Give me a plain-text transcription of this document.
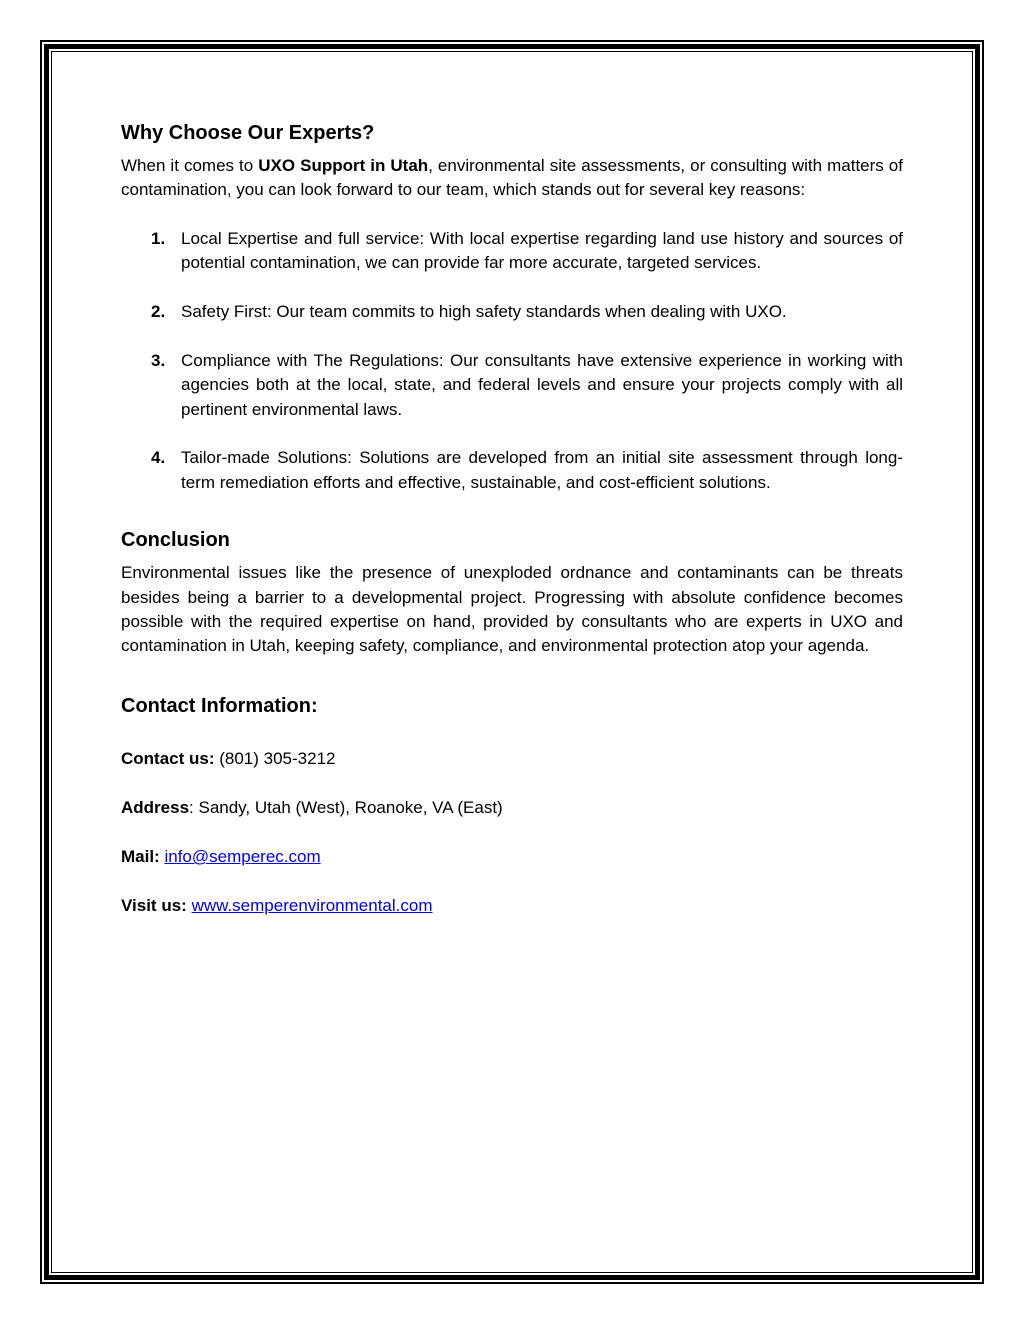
Why Choose Our Experts?

When it comes to UXO Support in Utah, environmental site assessments, or consulting with matters of contamination, you can look forward to our team, which stands out for several key reasons:

1. Local Expertise and full service: With local expertise regarding land use history and sources of potential contamination, we can provide far more accurate, targeted services.
2. Safety First: Our team commits to high safety standards when dealing with UXO.
3. Compliance with The Regulations: Our consultants have extensive experience in working with agencies both at the local, state, and federal levels and ensure your projects comply with all pertinent environmental laws.
4. Tailor-made Solutions: Solutions are developed from an initial site assessment through long-term remediation efforts and effective, sustainable, and cost-efficient solutions.
Conclusion

Environmental issues like the presence of unexploded ordnance and contaminants can be threats besides being a barrier to a developmental project. Progressing with absolute confidence becomes possible with the required expertise on hand, provided by consultants who are experts in UXO and contamination in Utah, keeping safety, compliance, and environmental protection atop your agenda.

Contact Information:

Contact us: (801) 305-3212

Address: Sandy, Utah (West), Roanoke, VA (East)

Mail: info@semperec.com

Visit us: www.semperenvironmental.com
